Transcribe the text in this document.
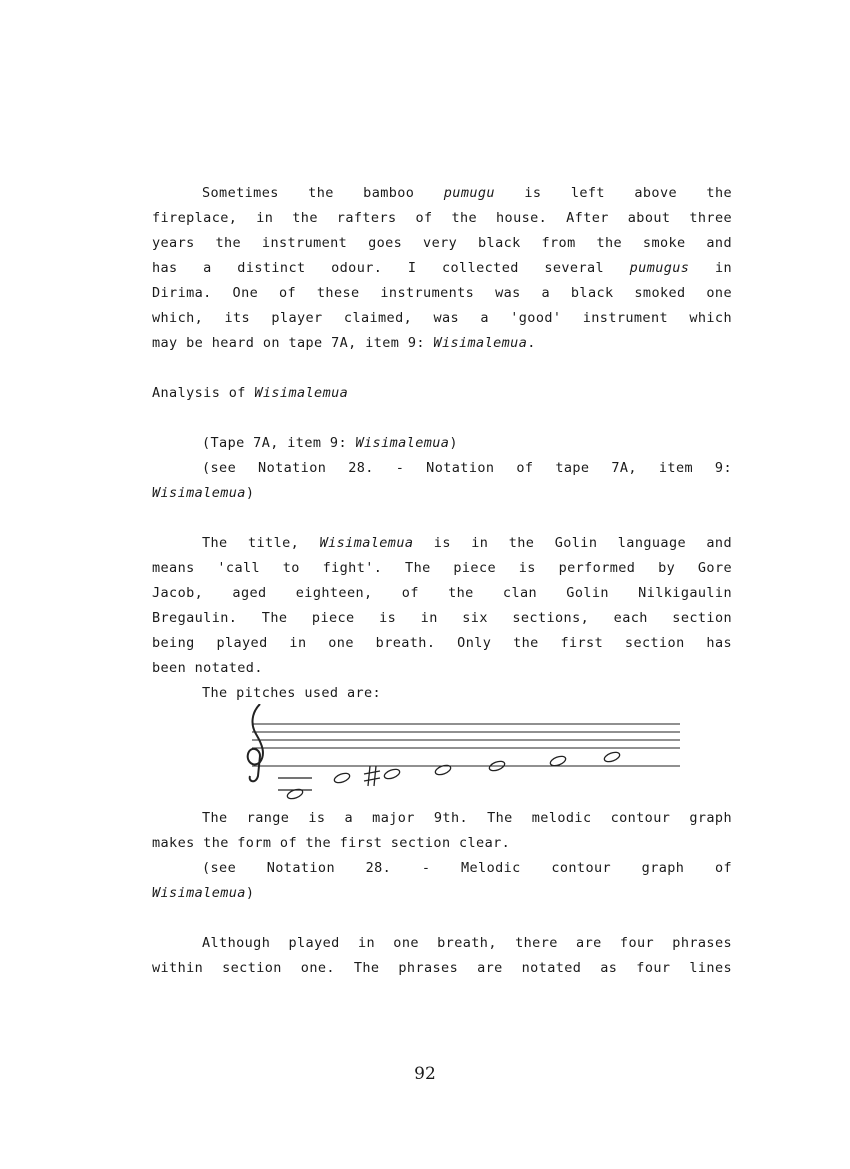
Sometimes the bamboo pumugu is left above the
fireplace, in the rafters of the house. After about three
years the instrument goes very black from the smoke and
has a distinct odour. I collected several pumugus in
Dirima. One of these instruments was a black smoked one
which, its player claimed, was a 'good' instrument which
may be heard on tape 7A, item 9: Wisimalemua.
Analysis of Wisimalemua
(Tape 7A, item 9: Wisimalemua)
(see Notation 28. - Notation of tape 7A, item 9:
Wisimalemua)
The title, Wisimalemua is in the Golin language and
means 'call to fight'. The piece is performed by Gore
Jacob, aged eighteen, of the clan Golin Nilkigaulin
Bregaulin. The piece is in six sections, each section
being played in one breath. Only the first section has
been notated.
The pitches used are:
The range is a major 9th. The melodic contour graph
makes the form of the first section clear.
(see Notation 28. - Melodic contour graph of
Wisimalemua)
Although played in one breath, there are four phrases
within section one. The phrases are notated as four lines
92
